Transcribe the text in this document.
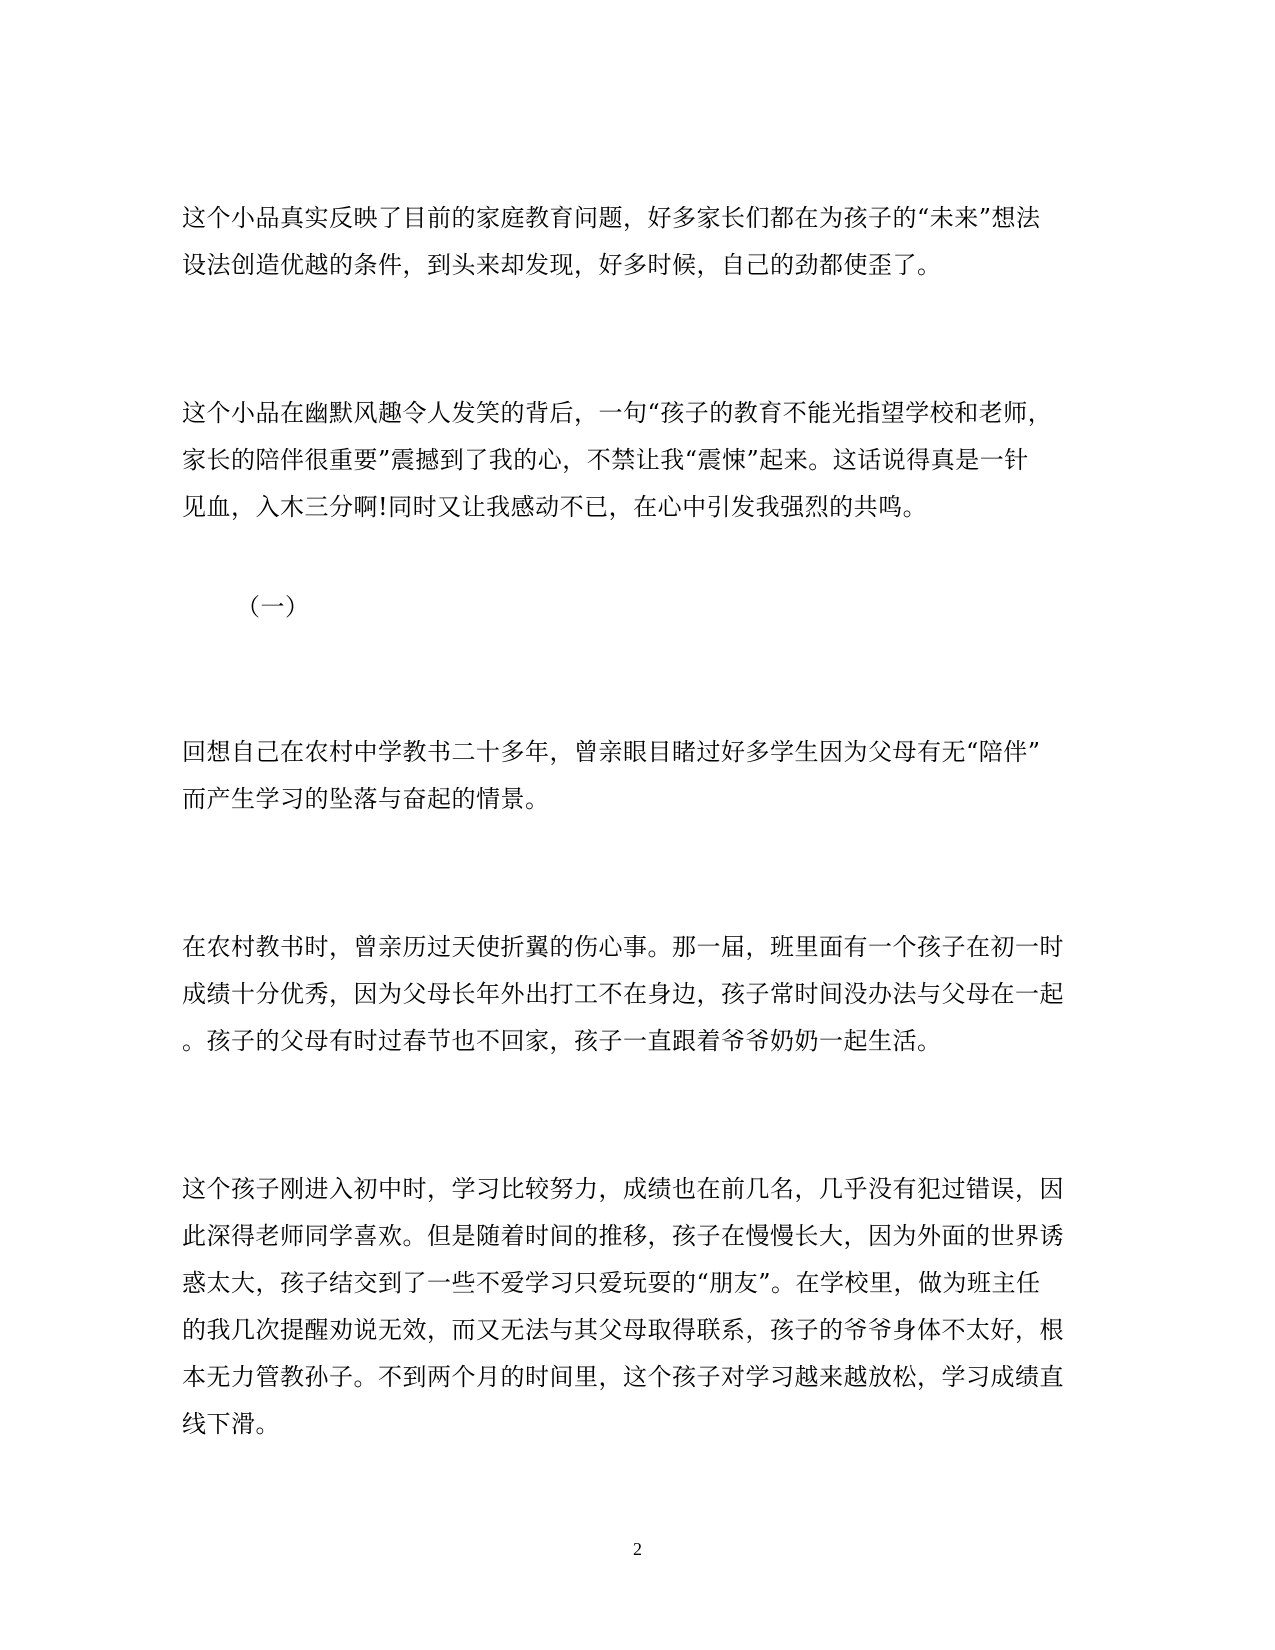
这个小品真实反映了目前的家庭教育问题，好多家长们都在为孩子的“未来”想法
设法创造优越的条件，到头来却发现，好多时候，自己的劲都使歪了。
这个小品在幽默风趣令人发笑的背后，一句“孩子的教育不能光指望学校和老师，
家长的陪伴很重要”震撼到了我的心，不禁让我“震悚”起来。这话说得真是一针
见血，入木三分啊!同时又让我感动不已，在心中引发我强烈的共鸣。
（一）
回想自己在农村中学教书二十多年，曾亲眼目睹过好多学生因为父母有无“陪伴”
而产生学习的坠落与奋起的情景。
在农村教书时，曾亲历过天使折翼的伤心事。那一届，班里面有一个孩子在初一时
成绩十分优秀，因为父母长年外出打工不在身边，孩子常时间没办法与父母在一起
。孩子的父母有时过春节也不回家，孩子一直跟着爷爷奶奶一起生活。
这个孩子刚进入初中时，学习比较努力，成绩也在前几名，几乎没有犯过错误，因
此深得老师同学喜欢。但是随着时间的推移，孩子在慢慢长大，因为外面的世界诱
惑太大，孩子结交到了一些不爱学习只爱玩耍的“朋友”。在学校里，做为班主任
的我几次提醒劝说无效，而又无法与其父母取得联系，孩子的爷爷身体不太好，根
本无力管教孙子。不到两个月的时间里，这个孩子对学习越来越放松，学习成绩直
线下滑。
2
